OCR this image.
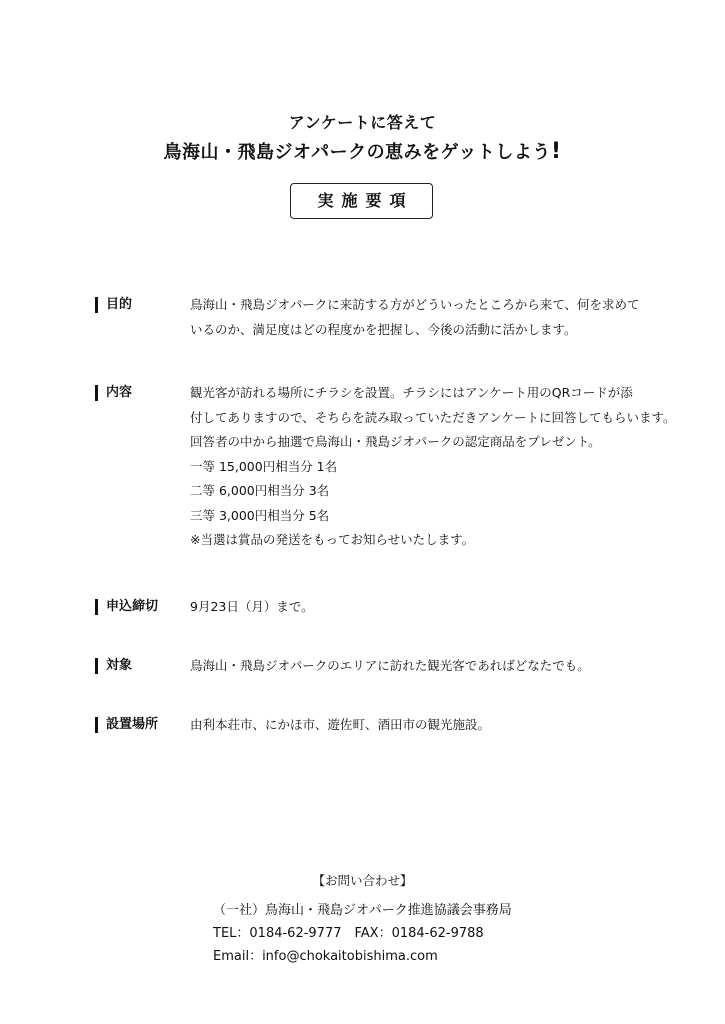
アンケートに答えて
鳥海山・飛島ジオパークの恵みをゲットしよう!
実施要項
目的	鳥海山・飛島ジオパークに来訪する方がどういったところから来て、何を求めて
いるのか、満足度はどの程度かを把握し、今後の活動に活かします。
内容	観光客が訪れる場所にチラシを設置。チラシにはアンケート用のQRコードが添
付してありますので、そちらを読み取っていただきアンケートに回答してもらいます。
回答者の中から抽選で鳥海山・飛島ジオパークの認定商品をプレゼント。
一等 15,000円相当分 1名
二等 6,000円相当分 3名
三等 3,000円相当分 5名
※当選は賞品の発送をもってお知らせいたします。
申込締切	9月23日（月）まで。
対象	鳥海山・飛島ジオパークのエリアに訪れた観光客であればどなたでも。
設置場所	由利本荘市、にかほ市、遊佐町、酒田市の観光施設。
【お問い合わせ】
（一社）鳥海山・飛島ジオパーク推進協議会事務局
TEL：0184-62-9777　FAX：0184-62-9788
Email：info@chokaitobishima.com
